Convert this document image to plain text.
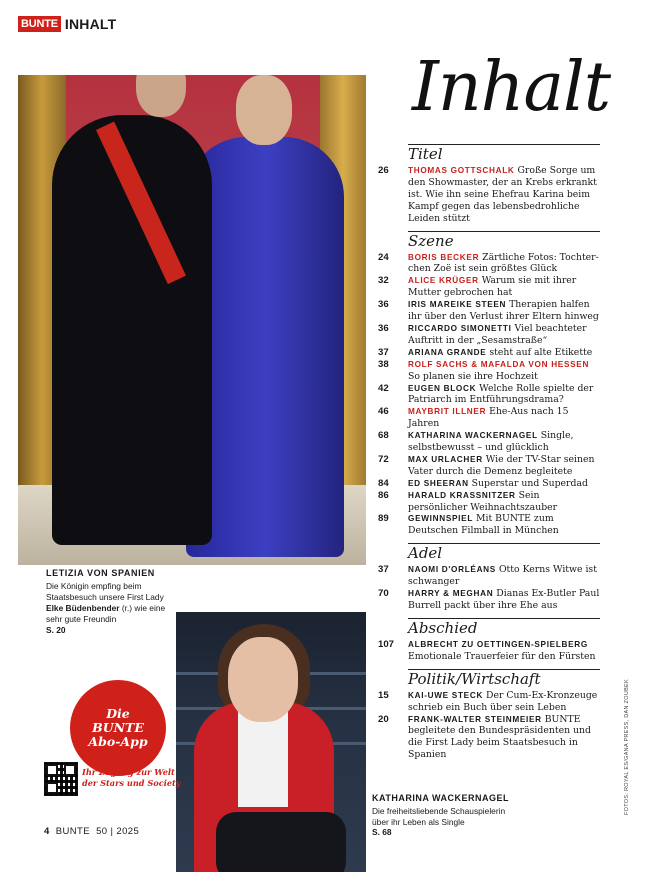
BUNTE INHALT
Inhalt
LETIZIA VON SPANIEN
Die Königin empfing beim Staatsbesuch unsere First Lady Elke Büdenbender (r.) wie eine sehr gute Freundin
S. 20
KATHARINA WACKERNAGEL
Die freiheitsliebende Schauspielerin über ihr Leben als Single
S. 68
Die
BUNTE
Abo-App
Ihr Zugang zur Welt der Stars und Society
4 BUNTE 50 | 2025
FOTOS: ROYAL ES/GANA PRESS, DAN ZOUBEK
Titel
26	THOMAS GOTTSCHALK Große Sorge um den Showmaster, der an Krebs erkrankt ist. Wie ihn seine Ehefrau Karina beim Kampf gegen das lebensbedrohliche Leiden stützt
Szene
24	BORIS BECKER Zärtliche Fotos: Tochter-chen Zoë ist sein größtes Glück
32	ALICE KRÜGER Warum sie mit ihrer Mutter gebrochen hat
36	IRIS MAREIKE STEEN Therapien halfen ihr über den Verlust ihrer Eltern hinweg
36	RICCARDO SIMONETTI Viel beachteter Auftritt in der „Sesamstraße“
37	ARIANA GRANDE steht auf alte Etikette
38	ROLF SACHS & MAFALDA VON HESSEN So planen sie ihre Hochzeit
42	EUGEN BLOCK Welche Rolle spielte der Patriarch im Entführungsdrama?
46	MAYBRIT ILLNER Ehe-Aus nach 15 Jahren
68	KATHARINA WACKERNAGEL Single, selbstbewusst – und glücklich
72	MAX URLACHER Wie der TV-Star seinen Vater durch die Demenz begleitete
84	ED SHEERAN Superstar und Superdad
86	HARALD KRASSNITZER Sein persönlicher Weihnachtszauber
89	GEWINNSPIEL Mit BUNTE zum Deutschen Filmball in München
Adel
37	NAOMI D'ORLÉANS Otto Kerns Witwe ist schwanger
70	HARRY & MEGHAN Dianas Ex-Butler Paul Burrell packt über ihre Ehe aus
Abschied
107	ALBRECHT ZU OETTINGEN-SPIELBERG Emotionale Trauerfeier für den Fürsten
Politik/Wirtschaft
15	KAI-UWE STECK Der Cum-Ex-Kronzeuge schrieb ein Buch über sein Leben
20	FRANK-WALTER STEINMEIER BUNTE begleitete den Bundespräsidenten und die First Lady beim Staatsbesuch in Spanien
